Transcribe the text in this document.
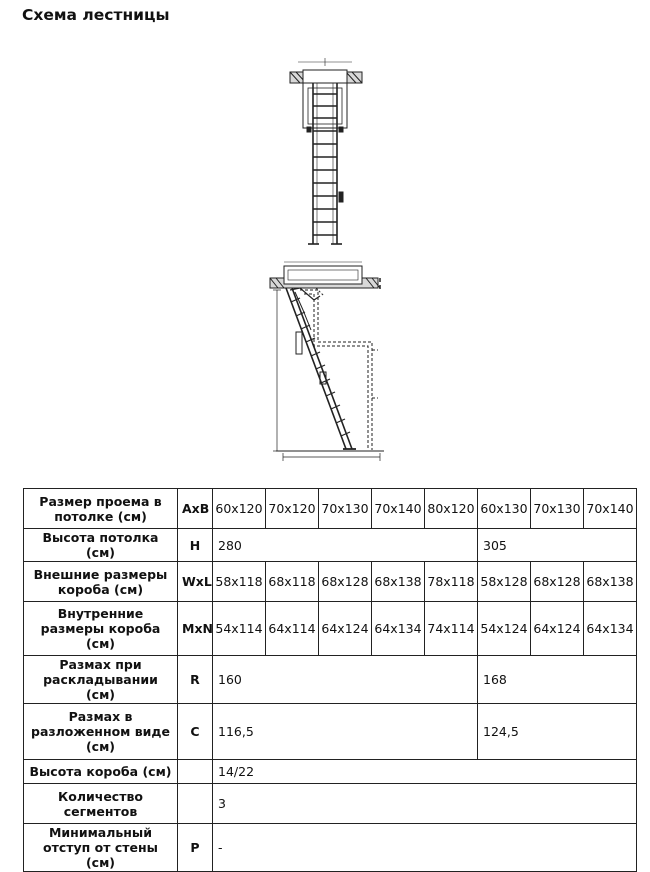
Схема лестницы
Размер проема в потолке (см)	AxB	60x120	70x120	70x130	70x140	80x120	60x130	70x130	70x140
Высота потолка (см)	H	280					305		
Внешние размеры короба (см)	WxL	58x118	68x118	68x128	68x138	78x118	58x128	68x128	68x138
Внутренние размеры короба (см)	MxN	54x114	64x114	64x124	64x134	74x114	54x124	64x124	64x134
Размах при раскладывании (см)	R	160					168		
Размах в разложенном виде (см)	C	116,5					124,5		
Высота короба (см)		14/22							
Количество сегментов		3							
Минимальный отступ от стены (см)	P	-							
